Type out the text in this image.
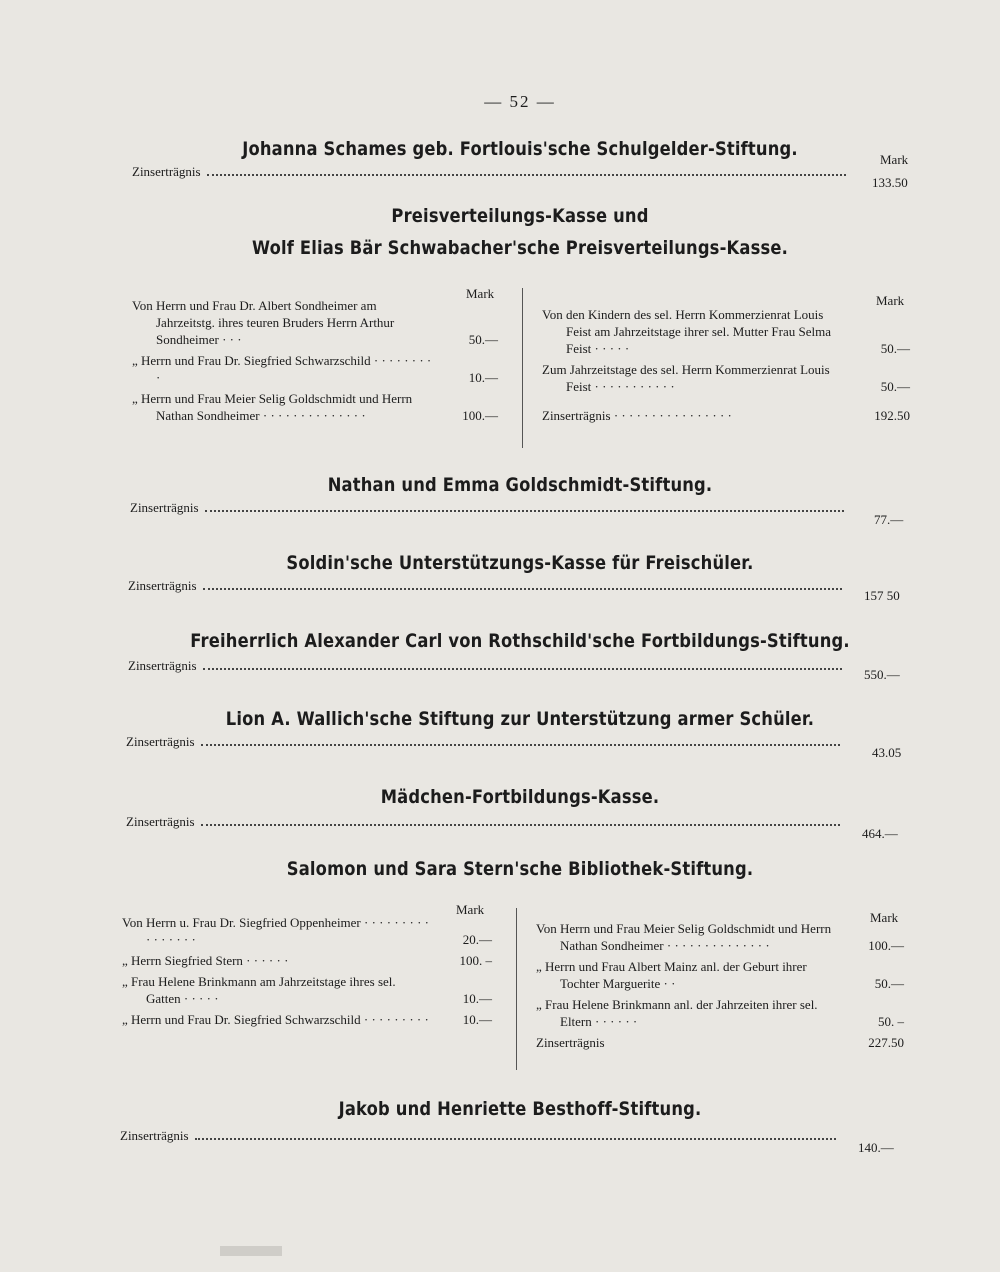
— 52 —
Johanna Schames geb. Fortlouis'sche Schulgelder-Stiftung.	Mark
Zinserträgnis
133.50
Preisverteilungs-Kasse und
Wolf Elias Bär Schwabacher'sche Preisverteilungs-Kasse.
Mark	Mark
Von Herrn und Frau Dr. Albert Sondheimer am Jahrzeitstg. ihres teuren Bruders Herrn Arthur Sondheimer · · ·	50.—
„ Herrn und Frau Dr. Siegfried Schwarzschild · · · · · · · · ·	10.—
„ Herrn und Frau Meier Selig Goldschmidt und Herrn Nathan Sondheimer · · · · · · · · · · · · · ·	100.—
Von den Kindern des sel. Herrn Kommerzienrat Louis Feist am Jahrzeitstage ihrer sel. Mutter Frau Selma Feist · · · · ·	50.—
Zum Jahrzeitstage des sel. Herrn Kommerzienrat Louis Feist · · · · · · · · · · ·	50.—
Zinserträgnis · · · · · · · · · · · · · · · ·	192.50
Nathan und Emma Goldschmidt-Stiftung.
Zinserträgnis
77.—
Soldin'sche Unterstützungs-Kasse für Freischüler.
Zinserträgnis
157 50
Freiherrlich Alexander Carl von Rothschild'sche Fortbildungs-Stiftung.
Zinserträgnis
550.—
Lion A. Wallich'sche Stiftung zur Unterstützung armer Schüler.
Zinserträgnis
43.05
Mädchen-Fortbildungs-Kasse.
Zinserträgnis
464.—
Salomon und Sara Stern'sche Bibliothek-Stiftung.
Mark
Mark
Von Herrn u. Frau Dr. Siegfried Oppenheimer · · · · · · · · · · · · · · · ·	20.—
„ Herrn Siegfried Stern · · · · · ·	100. –
„ Frau Helene Brinkmann am Jahrzeitstage ihres sel. Gatten · · · · ·	10.—
„ Herrn und Frau Dr. Siegfried Schwarzschild · · · · · · · · ·	10.—
Von Herrn und Frau Meier Selig Goldschmidt und Herrn Nathan Sondheimer · · · · · · · · · · · · · ·	100.—
„ Herrn und Frau Albert Mainz anl. der Geburt ihrer Tochter Marguerite · ·	50.—
„ Frau Helene Brinkmann anl. der Jahrzeiten ihrer sel. Eltern · · · · · ·	50. –
Zinserträgnis	227.50
Jakob und Henriette Besthoff-Stiftung.
Zinserträgnis
140.—
